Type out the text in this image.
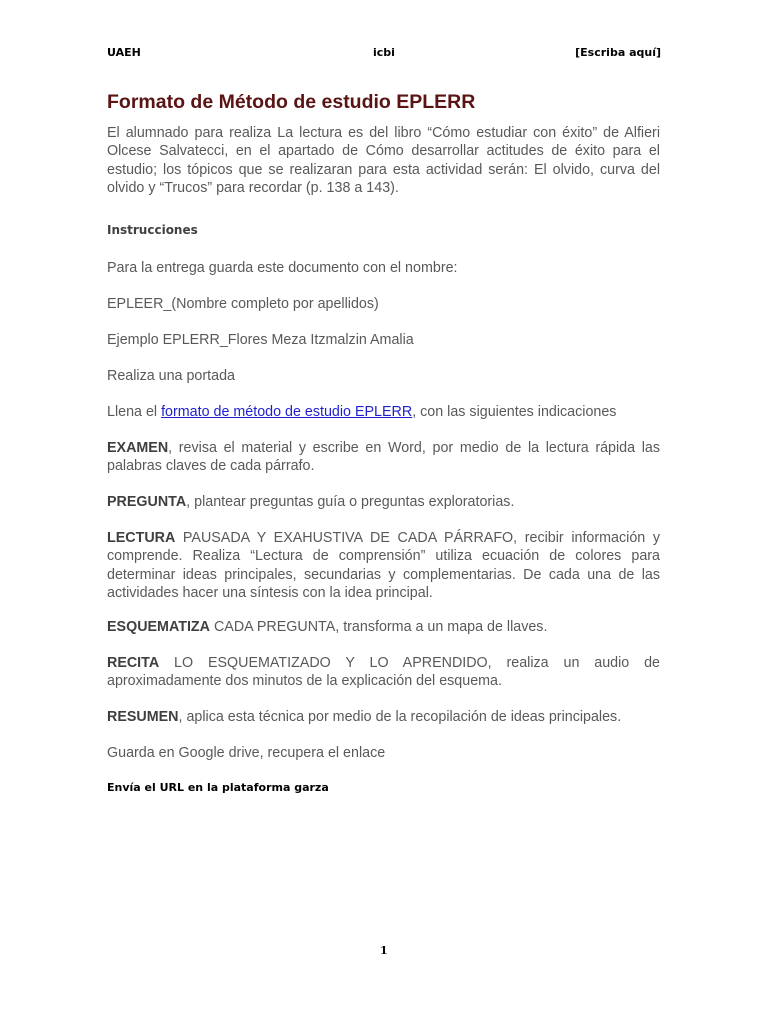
UAEH	icbi	[Escriba aquí]
Formato de Método de estudio EPLERR
El alumnado para realiza La lectura es del libro “Cómo estudiar con éxito” de Alfieri Olcese Salvatecci, en el apartado de Cómo desarrollar actitudes de éxito para el estudio; los tópicos que se realizaran para esta actividad serán: El olvido, curva del olvido y “Trucos” para recordar (p. 138 a 143).
Instrucciones
Para la entrega guarda este documento con el nombre:
EPLEER_(Nombre completo por apellidos)
Ejemplo EPLERR_Flores Meza Itzmalzin Amalia
Realiza una portada
Llena el formato de método de estudio EPLERR, con las siguientes indicaciones
EXAMEN, revisa el material y escribe en Word, por medio de la lectura rápida las palabras claves de cada párrafo.
PREGUNTA, plantear preguntas guía o preguntas exploratorias.
LECTURA PAUSADA Y EXAHUSTIVA DE CADA PÁRRAFO, recibir información y comprende. Realiza “Lectura de comprensión” utiliza ecuación de colores para determinar ideas principales, secundarias y complementarias. De cada una de las actividades hacer una síntesis con la idea principal.
ESQUEMATIZA CADA PREGUNTA, transforma a un mapa de llaves.
RECITA LO ESQUEMATIZADO Y LO APRENDIDO, realiza un audio de aproximadamente dos minutos de la explicación del esquema.
RESUMEN, aplica esta técnica por medio de la recopilación de ideas principales.
Guarda en Google drive, recupera el enlace
Envía el URL en la plataforma garza
1
